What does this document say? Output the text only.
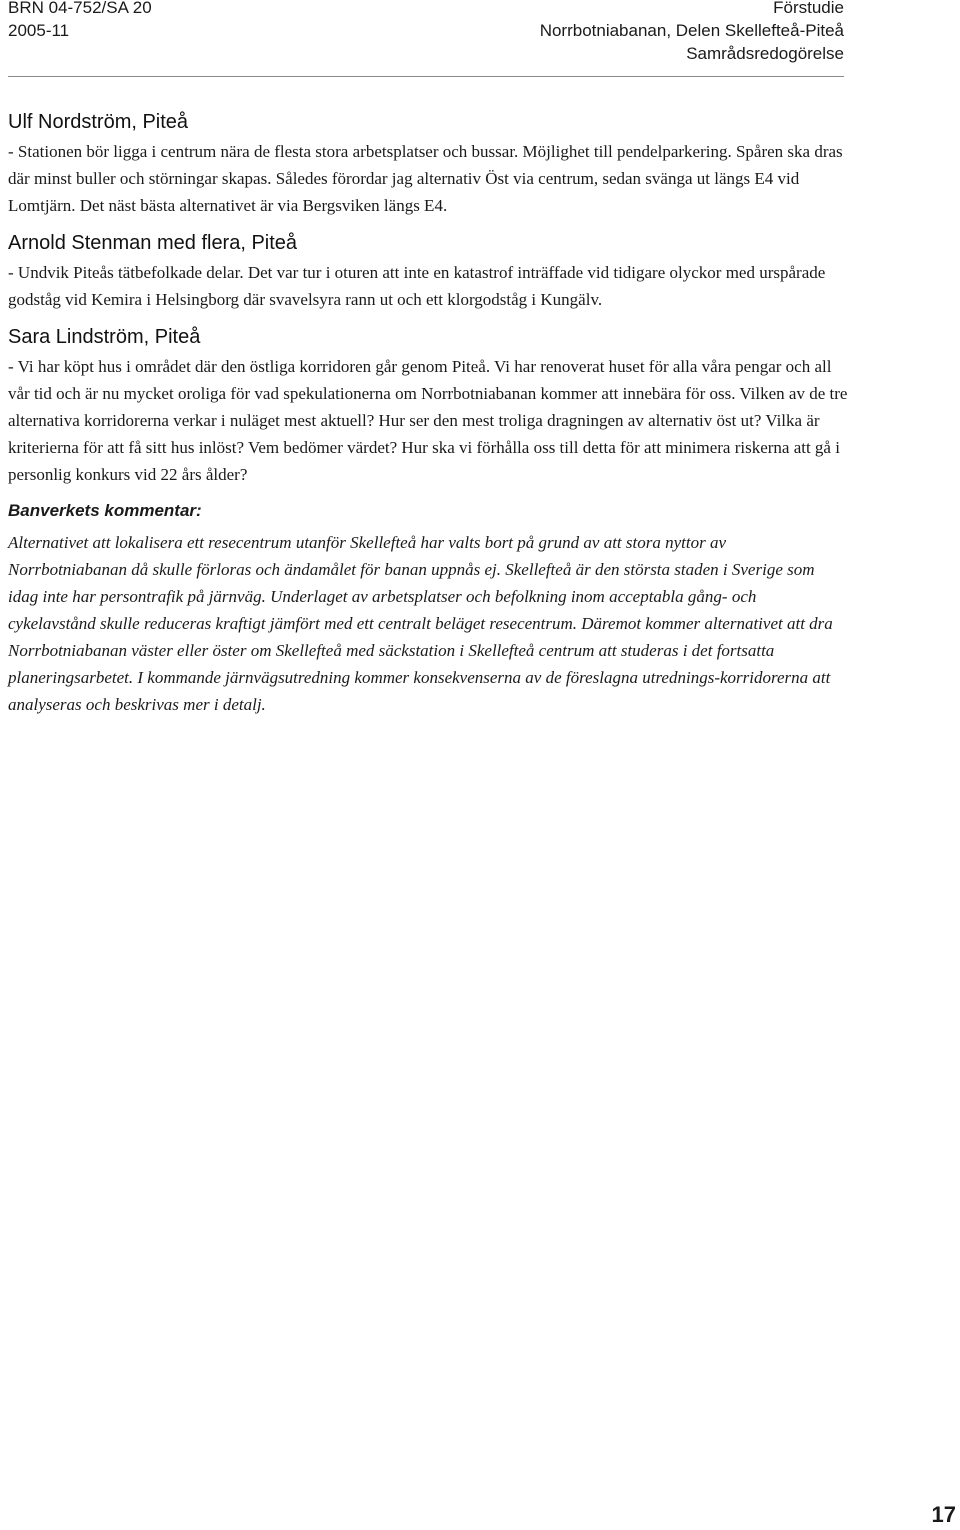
BRN 04-752/SA 20
2005-11
Förstudie
Norrbotniabanan, Delen Skellefteå-Piteå
Samrådsredogörelse
Ulf Nordström, Piteå

- Stationen bör ligga i centrum nära de flesta stora arbetsplatser och bussar. Möjlighet till pendelparkering. Spåren ska dras där minst buller och störningar skapas. Således förordar jag alternativ Öst via centrum, sedan svänga ut längs E4 vid Lomtjärn. Det näst bästa alternativet är via Bergsviken längs E4.

Arnold Stenman med flera, Piteå

- Undvik Piteås tätbefolkade delar. Det var tur i oturen att inte en katastrof inträffade vid tidigare olyckor med urspårade godståg vid Kemira i Helsingborg där svavelsyra rann ut och ett klorgodståg i Kungälv.

Sara Lindström, Piteå

- Vi har köpt hus i området där den östliga korridoren går genom Piteå. Vi har renoverat huset för alla våra pengar och all vår tid och är nu mycket oroliga för vad spekulationerna om Norrbotniabanan kommer att innebära för oss. Vilken av de tre alternativa korridorerna verkar i nuläget mest aktuell? Hur ser den mest troliga dragningen av alternativ öst ut? Vilka är kriterierna för att få sitt hus inlöst? Vem bedömer värdet? Hur ska vi förhålla oss till detta för att minimera riskerna att gå i personlig konkurs vid 22 års ålder?

Banverkets kommentar:

Alternativet att lokalisera ett resecentrum utanför Skellefteå har valts bort på grund av att stora nyttor av Norrbotniabanan då skulle förloras och ändamålet för banan uppnås ej. Skellefteå är den största staden i Sverige som idag inte har persontrafik på järnväg. Underlaget av arbetsplatser och befolkning inom acceptabla gång- och cykelavstånd skulle reduceras kraftigt jämfört med ett centralt beläget resecentrum. Däremot kommer alternativet att dra Norrbotniabanan väster eller öster om Skellefteå med säckstation i Skellefteå centrum att studeras i det fortsatta planeringsarbetet. I kommande järnvägsutredning kommer konsekvenserna av de föreslagna utrednings-korridorerna att analyseras och beskrivas mer i detalj.

17
